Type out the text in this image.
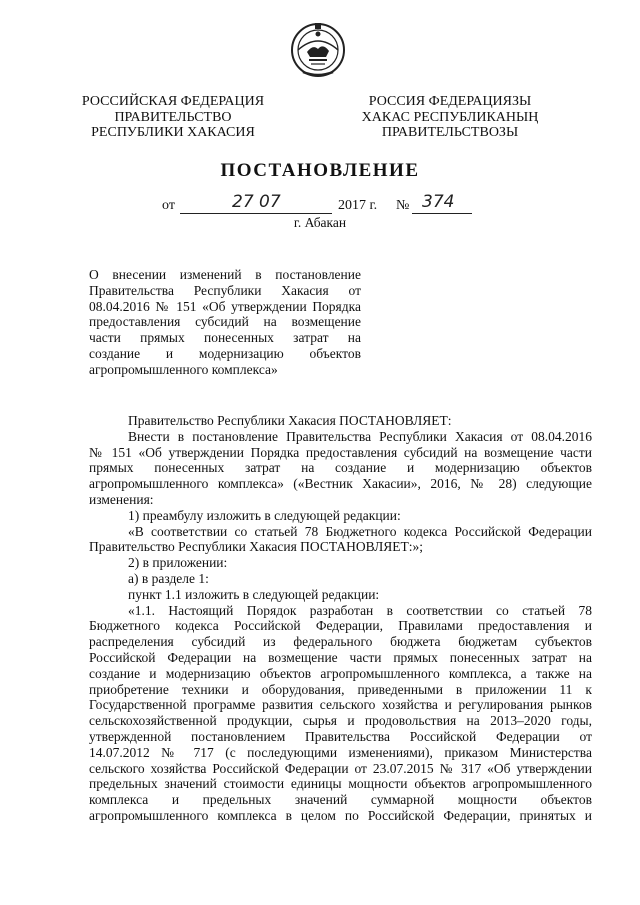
РОССИЙСКАЯ ФЕДЕРАЦИЯ
ПРАВИТЕЛЬСТВО
РЕСПУБЛИКИ ХАКАСИЯ
РОССИЯ ФЕДЕРАЦИЯЗЫ
ХАКАС РЕСПУБЛИКАНЫҢ
ПРАВИТЕЛЬСТВОЗЫ
ПОСТАНОВЛЕНИЕ
от	27 07	2017 г. № 374
г. Абакан
О внесении изменений в постановление
Правительства Республики Хакасия от
08.04.2016 № 151 «Об утверждении Порядка
предоставления субсидий на возмещение
части прямых понесенных затрат на
создание и модернизацию объектов
агропромышленного комплекса»
Правительство Республики Хакасия ПОСТАНОВЛЯЕТ:
Внести в постановление Правительства Республики Хакасия от 08.04.2016
№ 151 «Об утверждении Порядка предоставления субсидий на возмещение части
прямых понесенных затрат на создание и модернизацию объектов
агропромышленного комплекса» («Вестник Хакасии», 2016, № 28) следующие
изменения:
1) преамбулу изложить в следующей редакции:
«В соответствии со статьей 78 Бюджетного кодекса Российской Федерации
Правительство Республики Хакасия ПОСТАНОВЛЯЕТ:»;
2) в приложении:
а) в разделе 1:
пункт 1.1 изложить в следующей редакции:
«1.1. Настоящий Порядок разработан в соответствии со статьей 78
Бюджетного кодекса Российской Федерации, Правилами предоставления и
распределения субсидий из федерального бюджета бюджетам субъектов
Российской Федерации на возмещение части прямых понесенных затрат на
создание и модернизацию объектов агропромышленного комплекса, а также на
приобретение техники и оборудования, приведенными в приложении 11 к
Государственной программе развития сельского хозяйства и регулирования рынков
сельскохозяйственной продукции, сырья и продовольствия на 2013–2020 годы,
утвержденной постановлением Правительства Российской Федерации от
14.07.2012 № 717 (с последующими изменениями), приказом Министерства
сельского хозяйства Российской Федерации от 23.07.2015 № 317 «Об утверждении
предельных значений стоимости единицы мощности объектов агропромышленного
комплекса и предельных значений суммарной мощности объектов
агропромышленного комплекса в целом по Российской Федерации, принятых и
